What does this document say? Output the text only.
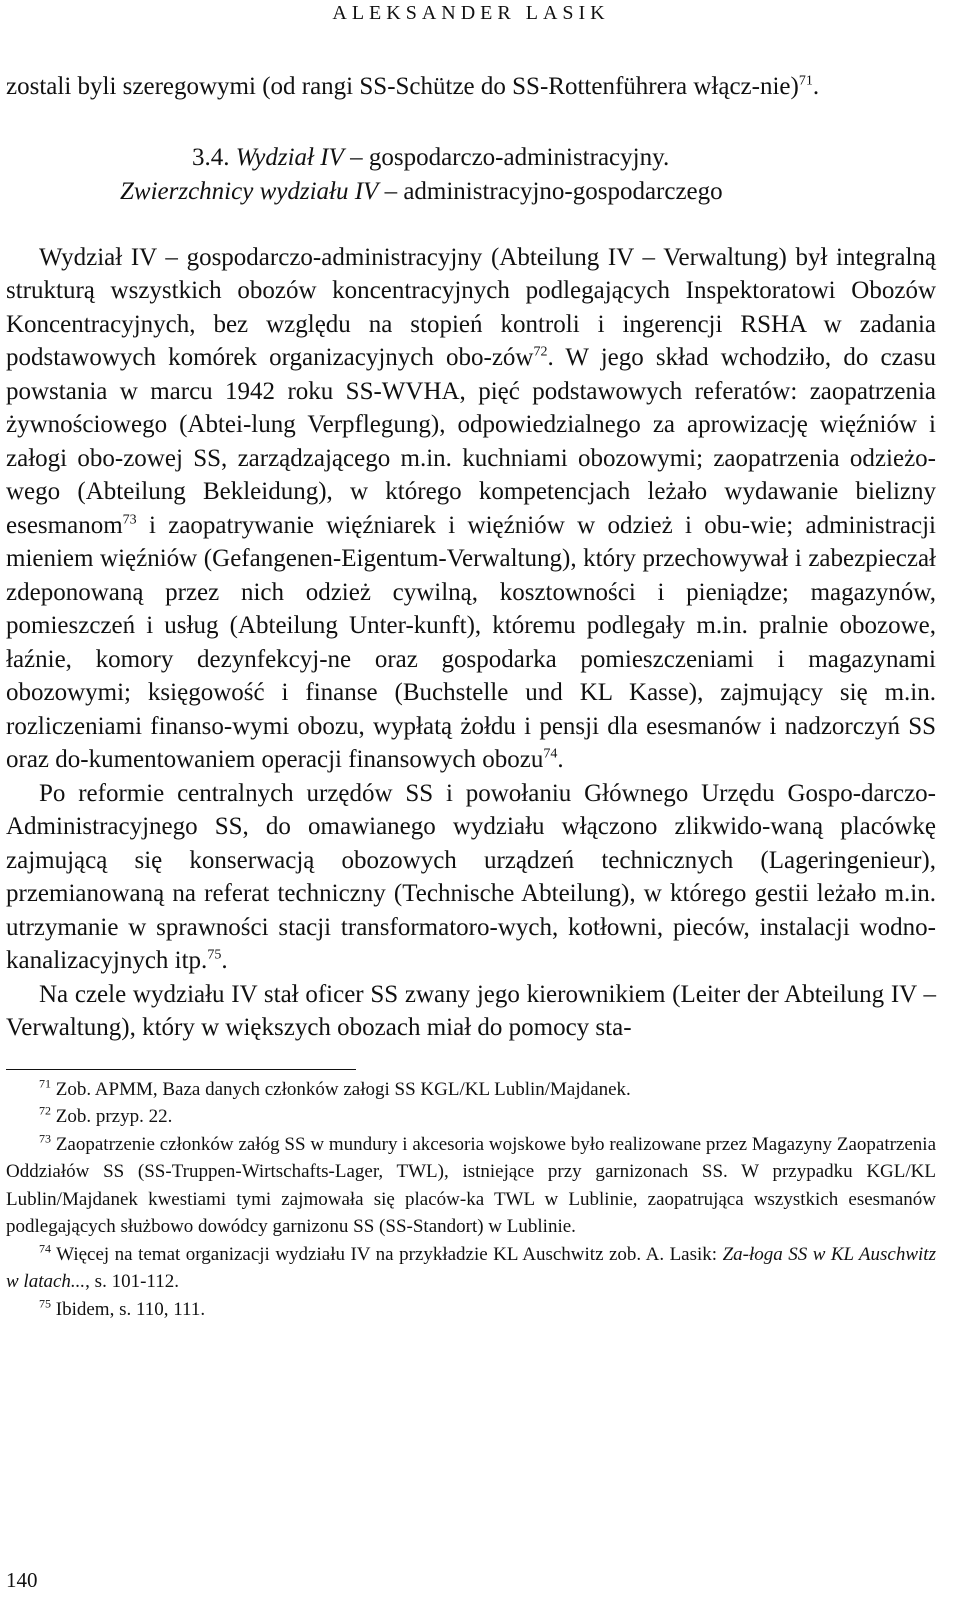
ALEKSANDER LASIK

zostali byli szeregowymi (od rangi SS-Schütze do SS-Rottenführera włącz-nie)$^{71}$.

3.4. Wydział IV – gospodarczo-administracyjny.
Zwierzchnicy wydziału IV – administracyjno-gospodarczego

Wydział IV – gospodarczo-administracyjny (Abteilung IV – Verwaltung) był integralną strukturą wszystkich obozów koncentracyjnych podlegających Inspektoratowi Obozów Koncentracyjnych, bez względu na stopień kontroli i ingerencji RSHA w zadania podstawowych komórek organizacyjnych obo-zów$^{72}$. W jego skład wchodziło, do czasu powstania w marcu 1942 roku SS-WVHA, pięć podstawowych referatów: zaopatrzenia żywnościowego (Abtei-lung Verpflegung), odpowiedzialnego za aprowizację więźniów i załogi obo-zowej SS, zarządzającego m.in. kuchniami obozowymi; zaopatrzenia odzieżo-wego (Abteilung Bekleidung), w którego kompetencjach leżało wydawanie bielizny esesmanom$^{73}$ i zaopatrywanie więźniarek i więźniów w odzież i obu-wie; administracji mieniem więźniów (Gefangenen-Eigentum-Verwaltung), który przechowywał i zabezpieczał zdeponowaną przez nich odzież cywilną, kosztowności i pieniądze; magazynów, pomieszczeń i usług (Abteilung Unter-kunft), któremu podlegały m.in. pralnie obozowe, łaźnie, komory dezynfekcyj-ne oraz gospodarka pomieszczeniami i magazynami obozowymi; księgowość i finanse (Buchstelle und KL Kasse), zajmujący się m.in. rozliczeniami finanso-wymi obozu, wypłatą żołdu i pensji dla esesmanów i nadzorczyń SS oraz do-kumentowaniem operacji finansowych obozu$^{74}$.

Po reformie centralnych urzędów SS i powołaniu Głównego Urzędu Gospo-darczo-Administracyjnego SS, do omawianego wydziału włączono zlikwido-waną placówkę zajmującą się konserwacją obozowych urządzeń technicznych (Lageringenieur), przemianowaną na referat techniczny (Technische Abteilung), w którego gestii leżało m.in. utrzymanie w sprawności stacji transformatoro-wych, kotłowni, pieców, instalacji wodno-kanalizacyjnych itp.$^{75}$.

Na czele wydziału IV stał oficer SS zwany jego kierownikiem (Leiter der Abteilung IV – Verwaltung), który w większych obozach miał do pomocy sta-

$^{71}$ Zob. APMM, Baza danych członków załogi SS KGL/KL Lublin/Majdanek.

$^{72}$ Zob. przyp. 22.

$^{73}$ Zaopatrzenie członków załóg SS w mundury i akcesoria wojskowe było realizowane przez Magazyny Zaopatrzenia Oddziałów SS (SS-Truppen-Wirtschafts-Lager, TWL), istniejące przy garnizonach SS. W przypadku KGL/KL Lublin/Majdanek kwestiami tymi zajmowała się placów-ka TWL w Lublinie, zaopatrująca wszystkich esesmanów podlegających służbowo dowódcy garnizonu SS (SS-Standort) w Lublinie.

$^{74}$ Więcej na temat organizacji wydziału IV na przykładzie KL Auschwitz zob. A. Lasik: Za-łoga SS w KL Auschwitz w latach..., s. 101-112.

$^{75}$ Ibidem, s. 110, 111.

140
